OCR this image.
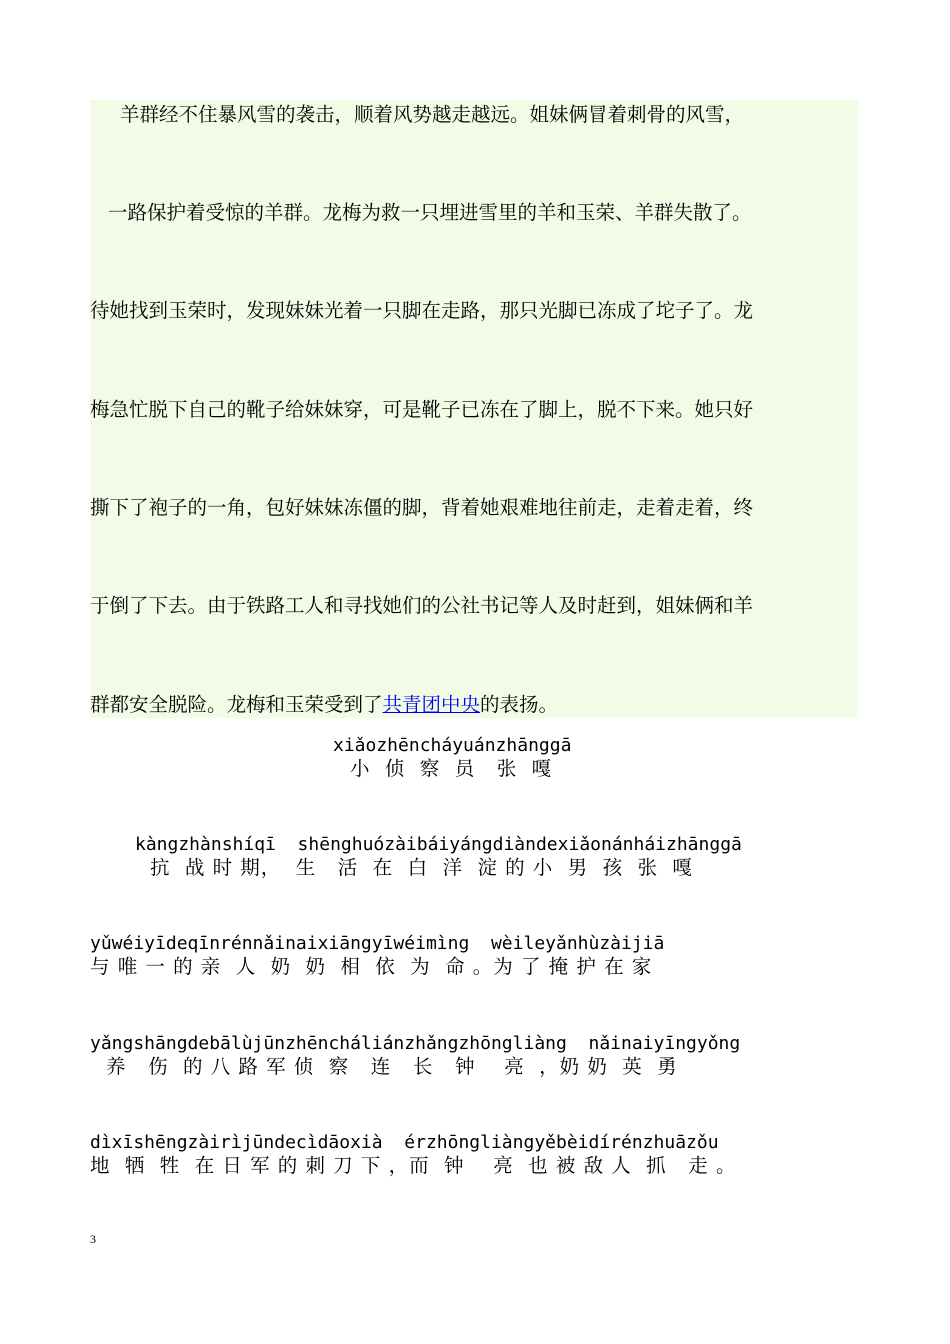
羊群经不住暴风雪的袭击，顺着风势越走越远。姐妹俩冒着刺骨的风雪，
一路保护着受惊的羊群。龙梅为救一只埋进雪里的羊和玉荣、羊群失散了。
待她找到玉荣时，发现妹妹光着一只脚在走路，那只光脚已冻成了坨子了。龙
梅急忙脱下自己的靴子给妹妹穿，可是靴子已冻在了脚上，脱不下来。她只好
撕下了袍子的一角，包好妹妹冻僵的脚，背着她艰难地往前走，走着走着，终
于倒了下去。由于铁路工人和寻找她们的公社书记等人及时赶到，姐妹俩和羊
群都安全脱险。龙梅和玉荣受到了共青团中央的表扬。
xiǎozhēncháyuánzhānggā
小  侦  察  员   张  嘎
kàngzhànshíqī  shēnghuózàibáiyángdiàndexiǎonánháizhānggā
抗  战 时 期，  生   活  在  白  洋  淀 的 小  男  孩  张  嘎
yǔwéiyīdeqīnrénnǎinaixiāngyīwéimìng  wèileyǎnhùzàijiā
与 唯 一 的 亲  人  奶  奶  相  依  为  命 。为 了 掩 护 在 家
yǎngshāngdebālùjūnzhēncháliánzhǎngzhōngliàng  nǎinaiyīngyǒng
养   伤  的 八 路 军 侦  察   连   长   钟    亮  ，奶 奶  英  勇
dìxīshēngzàirìjūndecìdāoxià  érzhōngliàngyěbèidírénzhuāzǒu
地  牺  牲  在 日 军 的 刺 刀 下 ，而  钟    亮  也 被 敌 人  抓   走 。
3
